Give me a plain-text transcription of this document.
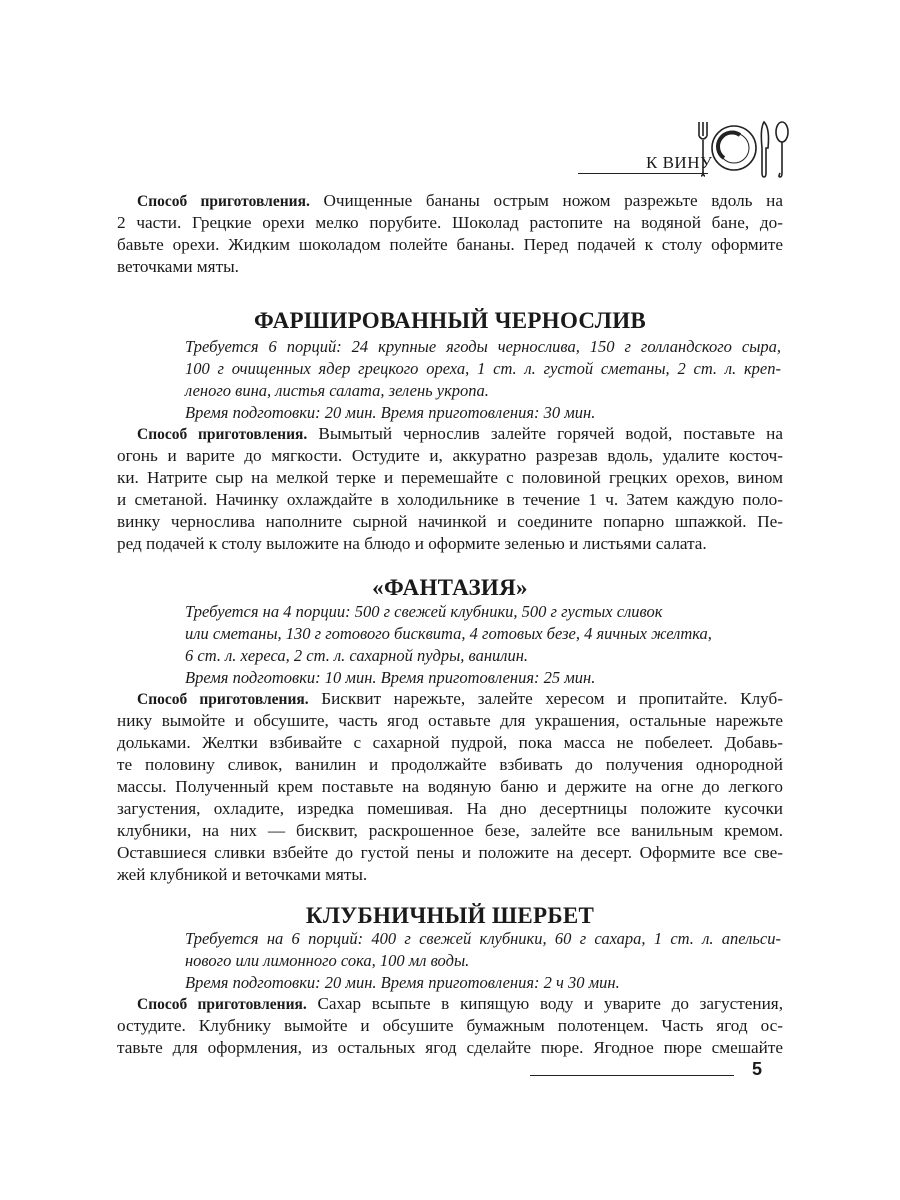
К ВИНУ
Способ приготовления. Очищенные бананы острым ножом разрежьте вдоль на
2 части. Грецкие орехи мелко порубите. Шоколад растопите на водяной бане, до-
бавьте орехи. Жидким шоколадом полейте бананы. Перед подачей к столу оформите
веточками мяты.
ФАРШИРОВАННЫЙ ЧЕРНОСЛИВ
Требуется 6 порций: 24 крупные ягоды чернослива, 150 г голландского сыра,
100 г очищенных ядер грецкого ореха, 1 ст. л. густой сметаны, 2 ст. л. креп-
леного вина, листья салата, зелень укропа.
Время подготовки: 20 мин. Время приготовления: 30 мин.
Способ приготовления. Вымытый чернослив залейте горячей водой, поставьте на
огонь и варите до мягкости. Остудите и, аккуратно разрезав вдоль, удалите косточ-
ки. Натрите сыр на мелкой терке и перемешайте с половиной грецких орехов, вином
и сметаной. Начинку охлаждайте в холодильнике в течение 1 ч. Затем каждую поло-
винку чернослива наполните сырной начинкой и соедините попарно шпажкой. Пе-
ред подачей к столу выложите на блюдо и оформите зеленью и листьями салата.
«ФАНТАЗИЯ»
Требуется на 4 порции: 500 г свежей клубники, 500 г густых сливок
или сметаны, 130 г готового бисквита, 4 готовых безе, 4 яичных желтка,
6 ст. л. хереса, 2 ст. л. сахарной пудры, ванилин.
Время подготовки: 10 мин. Время приготовления: 25 мин.
Способ приготовления. Бисквит нарежьте, залейте хересом и пропитайте. Клуб-
нику вымойте и обсушите, часть ягод оставьте для украшения, остальные нарежьте
дольками. Желтки взбивайте с сахарной пудрой, пока масса не побелеет. Добавь-
те половину сливок, ванилин и продолжайте взбивать до получения однородной
массы. Полученный крем поставьте на водяную баню и держите на огне до легкого
загустения, охладите, изредка помешивая. На дно десертницы положите кусочки
клубники, на них — бисквит, раскрошенное безе, залейте все ванильным кремом.
Оставшиеся сливки взбейте до густой пены и положите на десерт. Оформите все све-
жей клубникой и веточками мяты.
КЛУБНИЧНЫЙ ШЕРБЕТ
Требуется на 6 порций: 400 г свежей клубники, 60 г сахара, 1 ст. л. апельси-
нового или лимонного сока, 100 мл воды.
Время подготовки: 20 мин. Время приготовления: 2 ч 30 мин.
Способ приготовления. Сахар всыпьте в кипящую воду и уварите до загустения,
остудите. Клубнику вымойте и обсушите бумажным полотенцем. Часть ягод ос-
тавьте для оформления, из остальных ягод сделайте пюре. Ягодное пюре смешайте
5
